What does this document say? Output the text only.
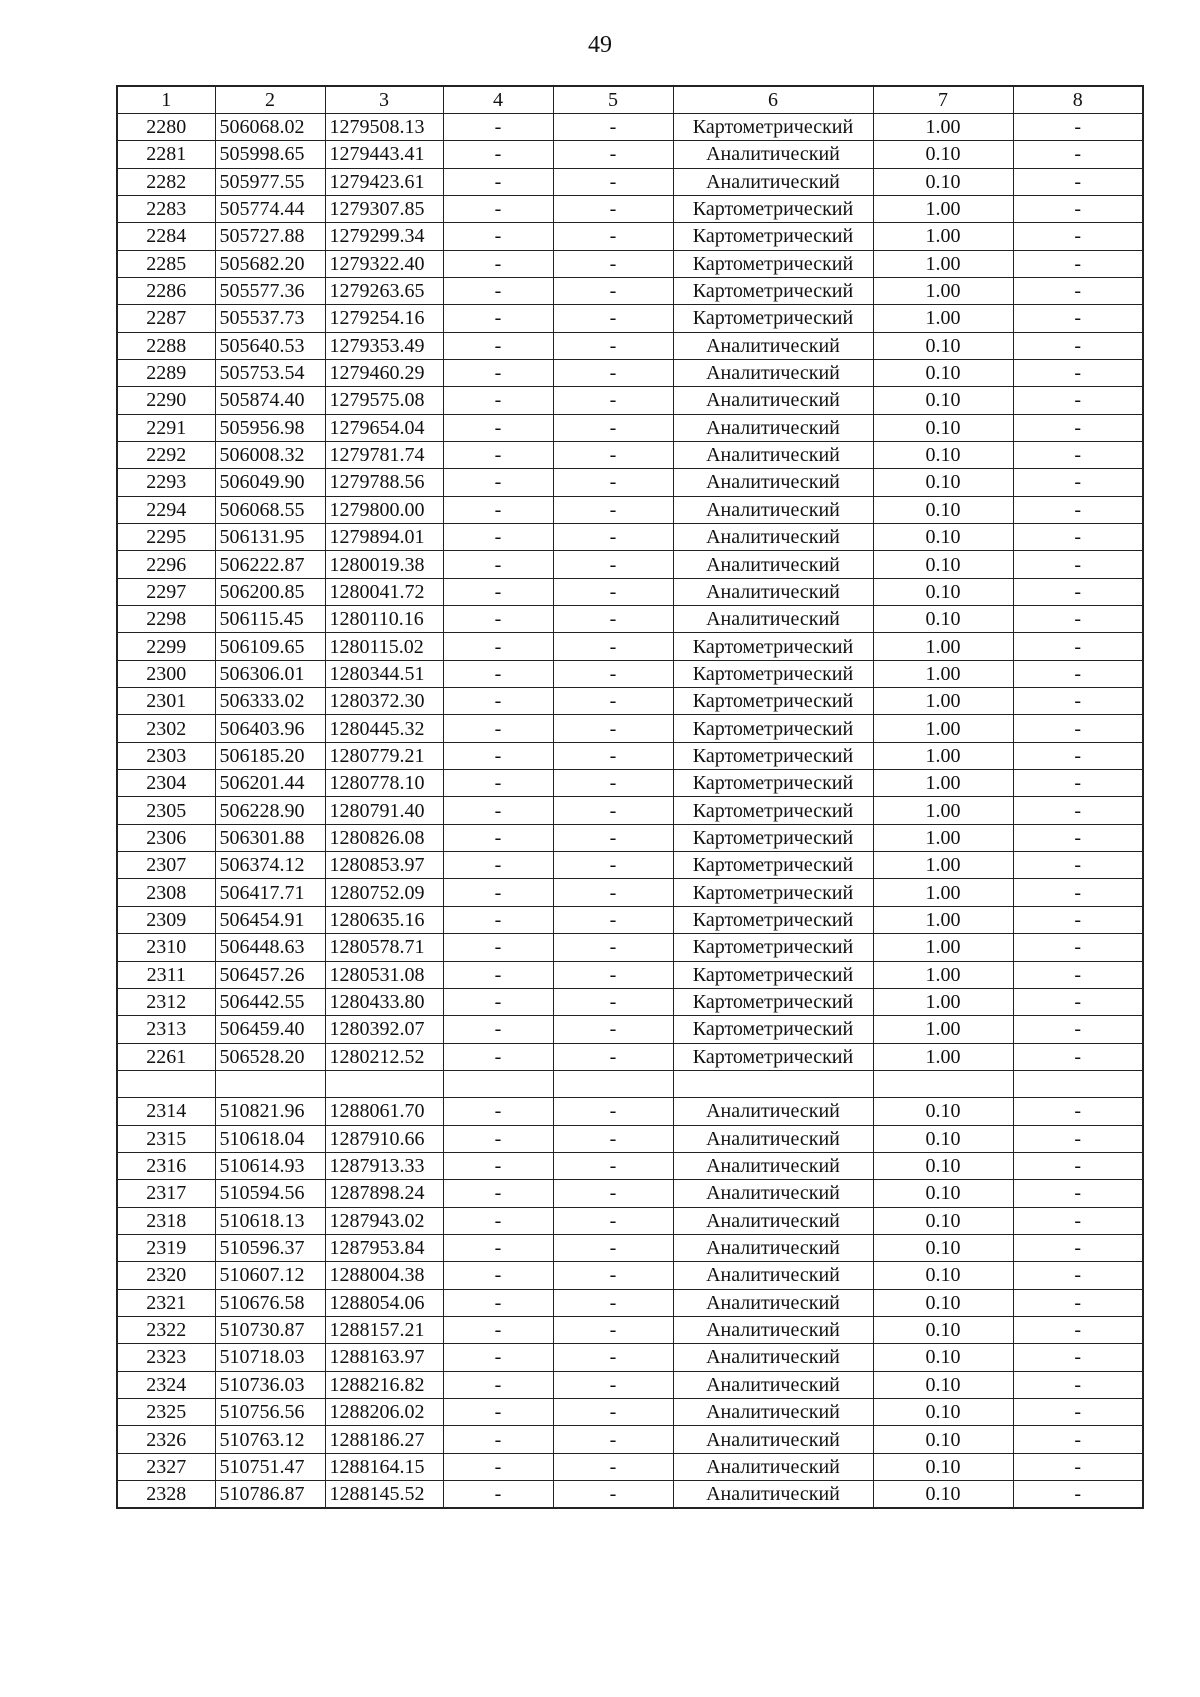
49
1	2	3	4	5	6	7	8
2280	506068.02	1279508.13	-	-	Картометрический	1.00	-
2281	505998.65	1279443.41	-	-	Аналитический	0.10	-
2282	505977.55	1279423.61	-	-	Аналитический	0.10	-
2283	505774.44	1279307.85	-	-	Картометрический	1.00	-
2284	505727.88	1279299.34	-	-	Картометрический	1.00	-
2285	505682.20	1279322.40	-	-	Картометрический	1.00	-
2286	505577.36	1279263.65	-	-	Картометрический	1.00	-
2287	505537.73	1279254.16	-	-	Картометрический	1.00	-
2288	505640.53	1279353.49	-	-	Аналитический	0.10	-
2289	505753.54	1279460.29	-	-	Аналитический	0.10	-
2290	505874.40	1279575.08	-	-	Аналитический	0.10	-
2291	505956.98	1279654.04	-	-	Аналитический	0.10	-
2292	506008.32	1279781.74	-	-	Аналитический	0.10	-
2293	506049.90	1279788.56	-	-	Аналитический	0.10	-
2294	506068.55	1279800.00	-	-	Аналитический	0.10	-
2295	506131.95	1279894.01	-	-	Аналитический	0.10	-
2296	506222.87	1280019.38	-	-	Аналитический	0.10	-
2297	506200.85	1280041.72	-	-	Аналитический	0.10	-
2298	506115.45	1280110.16	-	-	Аналитический	0.10	-
2299	506109.65	1280115.02	-	-	Картометрический	1.00	-
2300	506306.01	1280344.51	-	-	Картометрический	1.00	-
2301	506333.02	1280372.30	-	-	Картометрический	1.00	-
2302	506403.96	1280445.32	-	-	Картометрический	1.00	-
2303	506185.20	1280779.21	-	-	Картометрический	1.00	-
2304	506201.44	1280778.10	-	-	Картометрический	1.00	-
2305	506228.90	1280791.40	-	-	Картометрический	1.00	-
2306	506301.88	1280826.08	-	-	Картометрический	1.00	-
2307	506374.12	1280853.97	-	-	Картометрический	1.00	-
2308	506417.71	1280752.09	-	-	Картометрический	1.00	-
2309	506454.91	1280635.16	-	-	Картометрический	1.00	-
2310	506448.63	1280578.71	-	-	Картометрический	1.00	-
2311	506457.26	1280531.08	-	-	Картометрический	1.00	-
2312	506442.55	1280433.80	-	-	Картометрический	1.00	-
2313	506459.40	1280392.07	-	-	Картометрический	1.00	-
2261	506528.20	1280212.52	-	-	Картометрический	1.00	-

2314	510821.96	1288061.70	-	-	Аналитический	0.10	-
2315	510618.04	1287910.66	-	-	Аналитический	0.10	-
2316	510614.93	1287913.33	-	-	Аналитический	0.10	-
2317	510594.56	1287898.24	-	-	Аналитический	0.10	-
2318	510618.13	1287943.02	-	-	Аналитический	0.10	-
2319	510596.37	1287953.84	-	-	Аналитический	0.10	-
2320	510607.12	1288004.38	-	-	Аналитический	0.10	-
2321	510676.58	1288054.06	-	-	Аналитический	0.10	-
2322	510730.87	1288157.21	-	-	Аналитический	0.10	-
2323	510718.03	1288163.97	-	-	Аналитический	0.10	-
2324	510736.03	1288216.82	-	-	Аналитический	0.10	-
2325	510756.56	1288206.02	-	-	Аналитический	0.10	-
2326	510763.12	1288186.27	-	-	Аналитический	0.10	-
2327	510751.47	1288164.15	-	-	Аналитический	0.10	-
2328	510786.87	1288145.52	-	-	Аналитический	0.10	-
